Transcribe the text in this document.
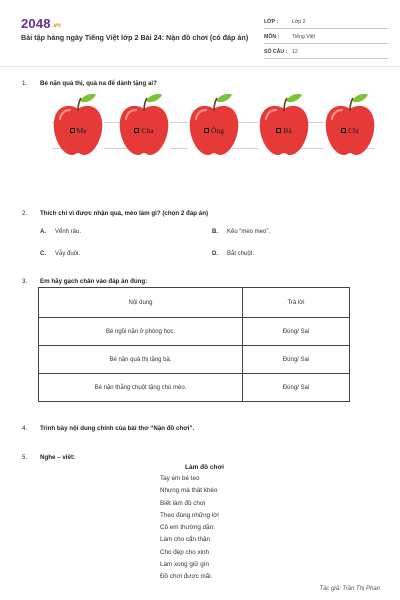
2048.vn
Bài tập hàng ngày Tiếng Việt lớp 2 Bài 24: Nặn đồ chơi (có đáp án)
LỚP :	Lớp 2
MÔN : Tiếng Việt
SỐ CÂU : 12
1. Bé nặn quả thị, quà na để dành tặng ai?
Mẹ	Cha	Ông	Bà	Chị
2. Thích chí vì được nhận quà, mèo làm gì? (chọn 2 đáp án)
A. Vểnh râu.	B. Kêu “meo meo”.
C. Vẫy đuôi.	D. Bắt chuột.
3. Em hãy gạch chân vào đáp án đúng:
Nội dung	Trả lời
Bé ngồi nặn ở phòng học.	Đúng/ Sai
Bé nặn quả thị tặng bà.	Đúng/ Sai
Bé nặn thằng chuột tặng chú mèo.	Đúng/ Sai
4. Trình bày nội dung chính của bài thơ “Nặn đồ chơi”.
5. Nghe – viết:
Làm đồ chơi
Tay em bé teo
Nhưng mà thật khéo
Biết làm đồ chơi
Theo đúng những lời
Cô em thường dặn:
Làm cho cẩn thận
Cho đẹp cho xinh
Làm xong giữ gìn
Đồ chơi được mãi.
Tác giả: Trần Thị Phan
